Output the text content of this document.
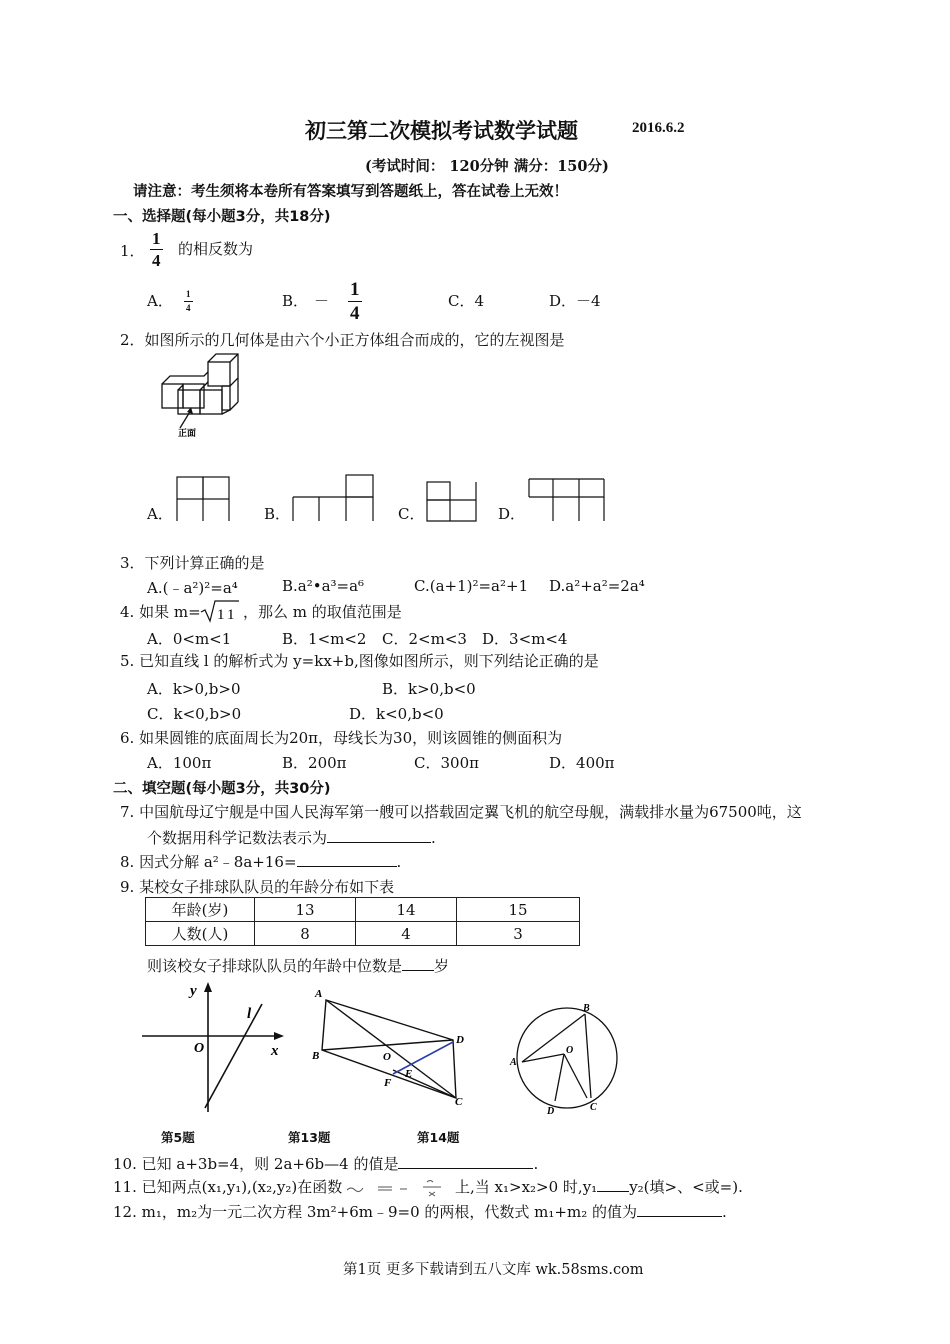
初三第二次模拟考试数学试题	2016.6.2
(考试时间： 120分钟 满分：150分)
请注意：考生须将本卷所有答案填写到答题纸上，答在试卷上无效！
一、选择题(每小题3分，共18分)
1． $\frac{1}{4}$ 的相反数为
A． $\frac{1}{4}$	B． － $\frac{1}{4}$	C．4	D．－4
2．如图所示的几何体是由六个小正方体组合而成的，它的左视图是
正面
A．	B．	C．	D．
3．下列计算正确的是
A.(﹣a²)²=a⁴	B.a²•a³=a⁶	C.(a+1)²=a²+1 D.a²+a²=2a⁴
4. 如果 m= 11 ，那么 m 的取值范围是
A．0<m<1	B．1<m<2 C．2<m<3 D．3<m<4
5. 已知直线 l 的解析式为 y=kx+b,图像如图所示，则下列结论正确的是
A．k>0,b>0	B．k>0,b<0
C．k<0,b>0	D．k<0,b<0
6. 如果圆锥的底面周长为20π，母线长为30，则该圆锥的侧面积为
A．100π	B．200π	C．300π	D．400π
二、填空题(每小题3分，共30分)
7. 中国航母辽宁舰是中国人民海军第一艘可以搭载固定翼飞机的航空母舰，满载排水量为67500吨，这
个数据用科学记数法表示为	.
8. 因式分解 a²﹣8a+16=	.
9. 某校女子排球队队员的年龄分布如下表
年龄(岁)	13	14	15
人数(人)	8	4	3
则该校女子排球队队员的年龄中位数是 岁
y
x
O
l
A
B
C
D
O
E
F
A
B
C
D
O
第5题	第13题	第14题
10. 已知 a+3b=4，则 2a+6b—4 的值是	.
11. 已知两点(x₁,y₁),(x₂,y₂)在函数	上,当 x₁>x₂>0 时,y₁ y₂(填>、<或=).
12. m₁，m₂为一元二次方程 3m²+6m﹣9=0 的两根，代数式 m₁+m₂ 的值为	.
第1页 更多下载请到五八文库 wk.58sms.com
